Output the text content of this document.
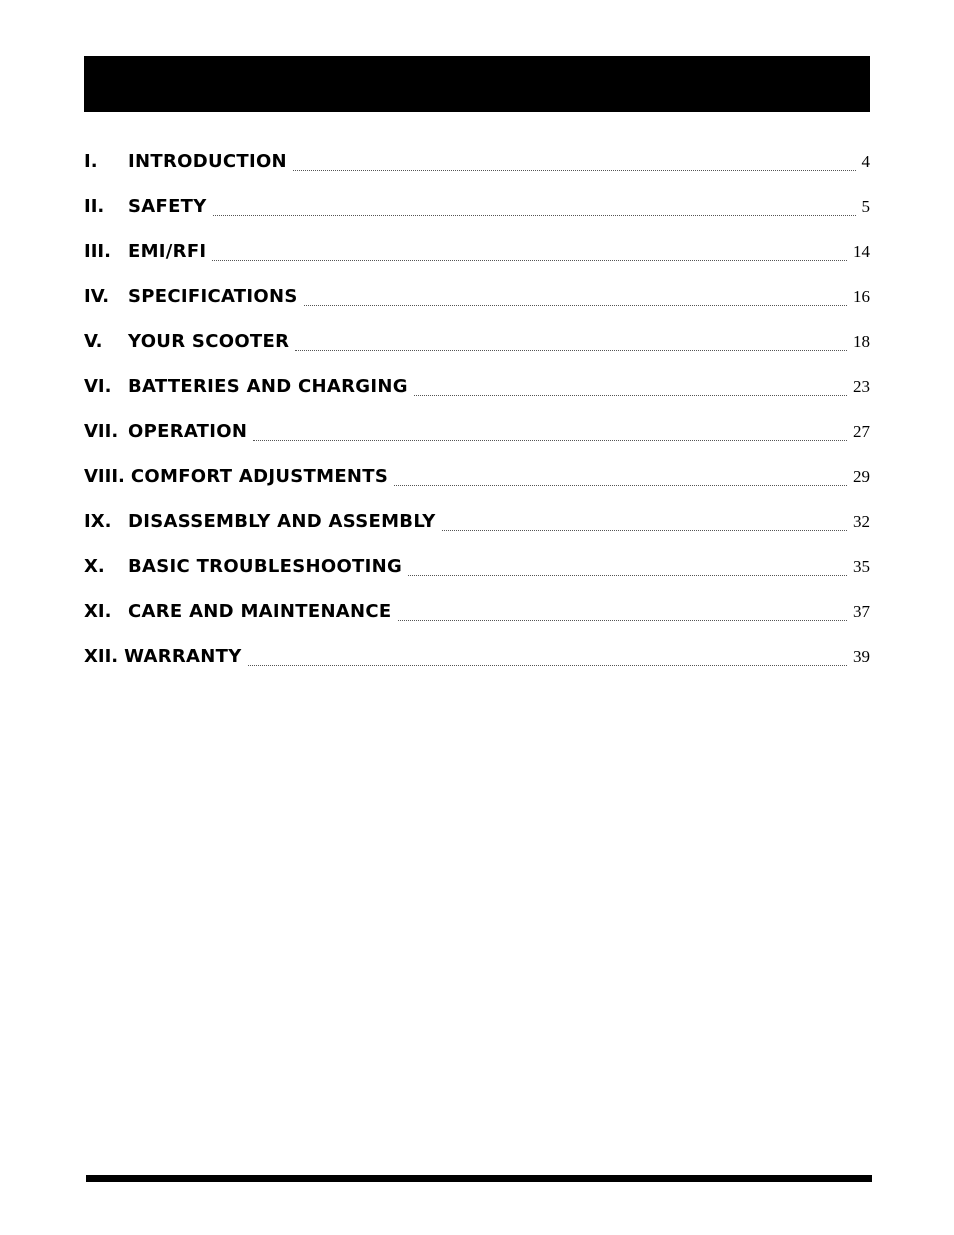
I.	INTRODUCTION	4
II.	SAFETY	5
III. EMI/RFI	14
IV.	SPECIFICATIONS	16
V.	YOUR SCOOTER	18
VI. BATTERIES AND CHARGING	23
VII. OPERATION	27
VIII. COMFORT ADJUSTMENTS	29
IX. DISASSEMBLY AND ASSEMBLY	32
X.	BASIC TROUBLESHOOTING	35
XI. CARE AND MAINTENANCE	37
XII. WARRANTY	39
